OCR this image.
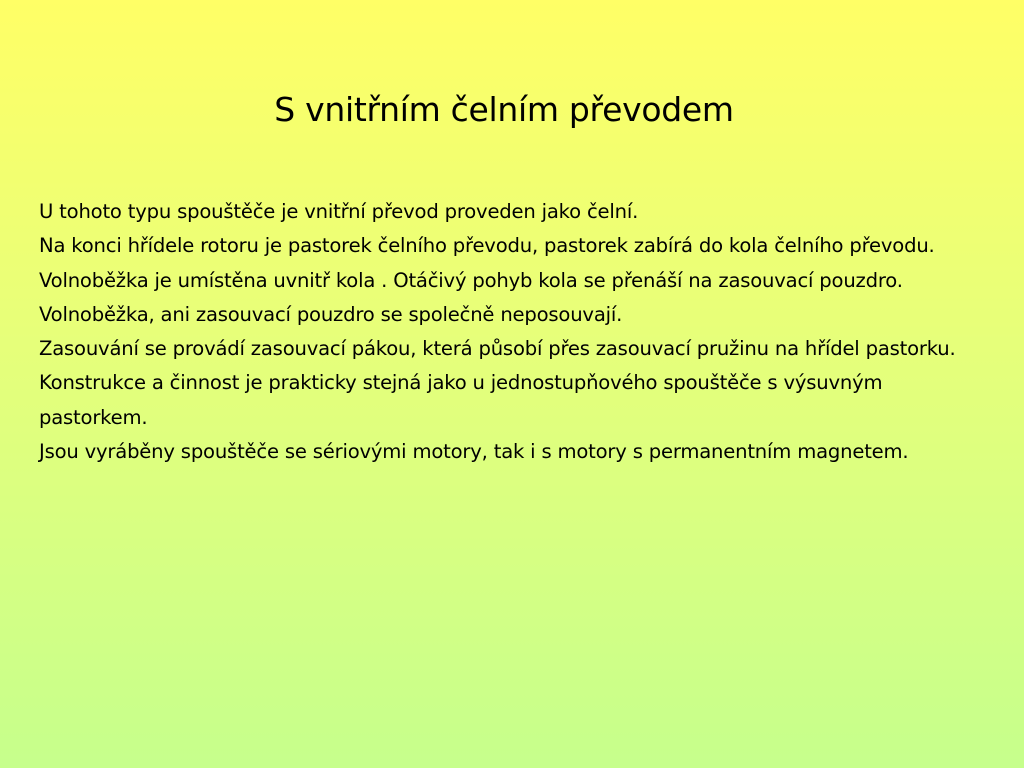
S vnitřním čelním převodem

U tohoto typu spouštěče je vnitřní převod proveden jako čelní.

Na konci hřídele rotoru je pastorek čelního převodu, pastorek zabírá do kola čelního převodu. Volnoběžka je umístěna uvnitř kola . Otáčivý pohyb kola se přenáší na zasouvací pouzdro. Volnoběžka, ani zasouvací pouzdro se společně neposouvají.

Zasouvání se provádí zasouvací pákou, která působí přes zasouvací pružinu na hřídel pastorku.

Konstrukce a činnost je prakticky stejná jako u jednostupňového spouštěče s výsuvným pastorkem.

Jsou vyráběny spouštěče se sériovými motory, tak i s motory s permanentním magnetem.
